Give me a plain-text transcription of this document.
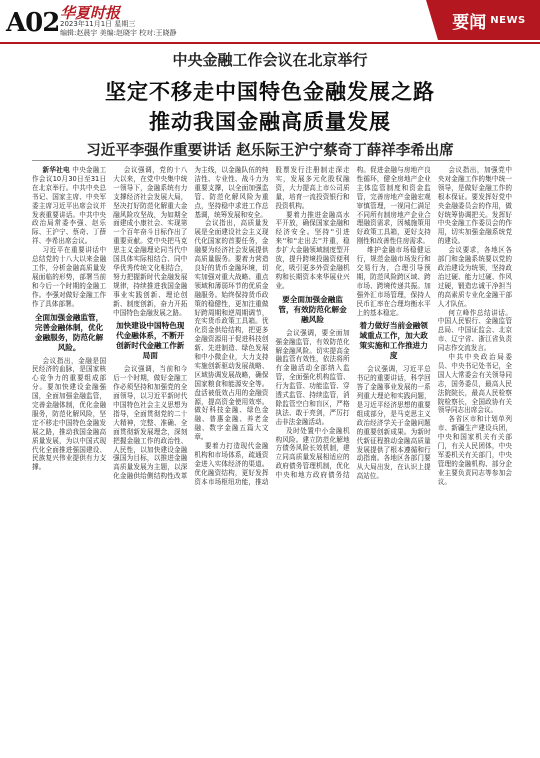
A02 华夏时报
2023年11月1日 星期三
编辑:赵晨宇 美编:赵晓宇 校对:王晓静
要闻 NEWS
中央金融工作会议在北京举行
坚定不移走中国特色金融发展之路
推动我国金融高质量发展
习近平李强作重要讲话 赵乐际王沪宁蔡奇丁薛祥李希出席

新华社电 中央金融工作会议10月30日至31日在北京举行。中共中央总书记、国家主席、中央军委主席习近平出席会议并发表重要讲话。中共中央政治局常委李强、赵乐际、王沪宁、蔡奇、丁薛祥、李希出席会议。

习近平在重要讲话中总结党的十八大以来金融工作，分析金融高质量发展面临的形势，部署当前和今后一个时期的金融工作。李强对做好金融工作作了具体部署。

全面加强金融监管，完善金融体制，优化金融服务，防范化解风险。

会议指出，金融是国民经济的血脉，是国家核心竞争力的重要组成部分。要加快建设金融强国，全面加强金融监管，完善金融体制，优化金融服务，防范化解风险，坚定不移走中国特色金融发展之路，推动我国金融高质量发展，为以中国式现代化全面推进强国建设、民族复兴伟业提供有力支撑。

会议强调，党的十八大以来，在党中央集中统一领导下，金融系统有力支撑经济社会发展大局，坚决打好防范化解重大金融风险攻坚战，为如期全面建成小康社会、实现第一个百年奋斗目标作出了重要贡献。党中央把马克思主义金融理论同当代中国具体实际相结合、同中华优秀传统文化相结合，努力把握新时代金融发展规律，持续推进我国金融事业实践创新、理论创新、制度创新，奋力开拓中国特色金融发展之路。

加快建设中国特色现代金融体系，不断开创新时代金融工作新局面

会议强调，当前和今后一个时期，做好金融工作必须坚持和加强党的全面领导，以习近平新时代中国特色社会主义思想为指导，全面贯彻党的二十大精神，完整、准确、全面贯彻新发展理念，深刻把握金融工作的政治性、人民性，以加快建设金融强国为目标，以推进金融高质量发展为主题，以深化金融供给侧结构性改革为主线，以金融队伍的纯洁性、专业性、战斗力为重要支撑，以全面加强监管、防范化解风险为重点，坚持稳中求进工作总基调，统筹发展和安全。

会议指出，高质量发展是全面建设社会主义现代化国家的首要任务，金融要为经济社会发展提供高质量服务。要着力营造良好的货币金融环境，切实加强对重大战略、重点领域和薄弱环节的优质金融服务。始终保持货币政策的稳健性，更加注重做好跨周期和逆周期调节，充实货币政策工具箱。优化资金供给结构，把更多金融资源用于促进科技创新、先进制造、绿色发展和中小微企业，大力支持实施创新驱动发展战略、区域协调发展战略，确保国家粮食和能源安全等。盘活被低效占用的金融资源，提高资金使用效率。做好科技金融、绿色金融、普惠金融、养老金融、数字金融五篇大文章。

要着力打造现代金融机构和市场体系，疏通资金进入实体经济的渠道。优化融资结构，更好发挥资本市场枢纽功能，推动股票发行注册制走深走实，发展多元化股权融资，大力提高上市公司质量，培育一流投资银行和投资机构。

要着力推进金融高水平开放，确保国家金融和经济安全。坚持''引进来''和''走出去''并重，稳步扩大金融领域制度型开放，提升跨境投融资便利化，吸引更多外资金融机构和长期资本来华展业兴业。

要全面加强金融监管，有效防范化解金融风险

会议强调，要全面加强金融监管，有效防范化解金融风险。切实提高金融监管有效性，依法将所有金融活动全部纳入监管，全面强化机构监管、行为监管、功能监管、穿透式监管、持续监管，消除监管空白和盲区，严格执法、敢于亮剑，严厉打击非法金融活动。

及时处置中小金融机构风险。建立防范化解地方债务风险长效机制，建立同高质量发展相适应的政府债务管理机制，优化中央和地方政府债务结构。促进金融与房地产良性循环，健全房地产企业主体监管制度和资金监管，完善房地产金融宏观审慎管理，一视同仁满足不同所有制房地产企业合理融资需求，因城施策用好政策工具箱，更好支持刚性和改善性住房需求。

维护金融市场稳健运行，规范金融市场发行和交易行为，合理引导预期，防范风险跨区域、跨市场、跨境传递共振。加强外汇市场管理，保持人民币汇率在合理均衡水平上的基本稳定。

着力做好当前金融领域重点工作，加大政策实施和工作推进力度

会议强调，习近平总书记的重要讲话，科学回答了金融事业发展的一系列重大理论和实践问题，是习近平经济思想的重要组成部分，是马克思主义政治经济学关于金融问题的重要创新成果。为新时代新征程推动金融高质量发展提供了根本遵循和行动指南。各地区各部门要从大局出发，在认识上提高站位。

会议指出，加强党中央对金融工作的集中统一领导，是做好金融工作的根本保证。要发挥好党中央金融委员会的作用，做好统筹协调把关。发挥好中央金融工作委员会的作用，切实加强金融系统党的建设。

会议要求，各地区各部门和金融系统要以党的政治建设为统领，坚持政治过硬、能力过硬、作风过硬，锻造忠诚干净担当的高素质专业化金融干部人才队伍。

何立峰作总结讲话。中国人民银行、金融监管总局、中国证监会、北京市、辽宁省、浙江省负责同志作交流发言。

中共中央政治局委员、中央书记处书记，全国人大常委会有关领导同志，国务委员，最高人民法院院长，最高人民检察院检察长，全国政协有关领导同志出席会议。

各省区市和计划单列市、新疆生产建设兵团，中央和国家机关有关部门，有关人民团体，中央军委机关有关部门，中央管理的金融机构、部分企业主要负责同志等参加会议。
